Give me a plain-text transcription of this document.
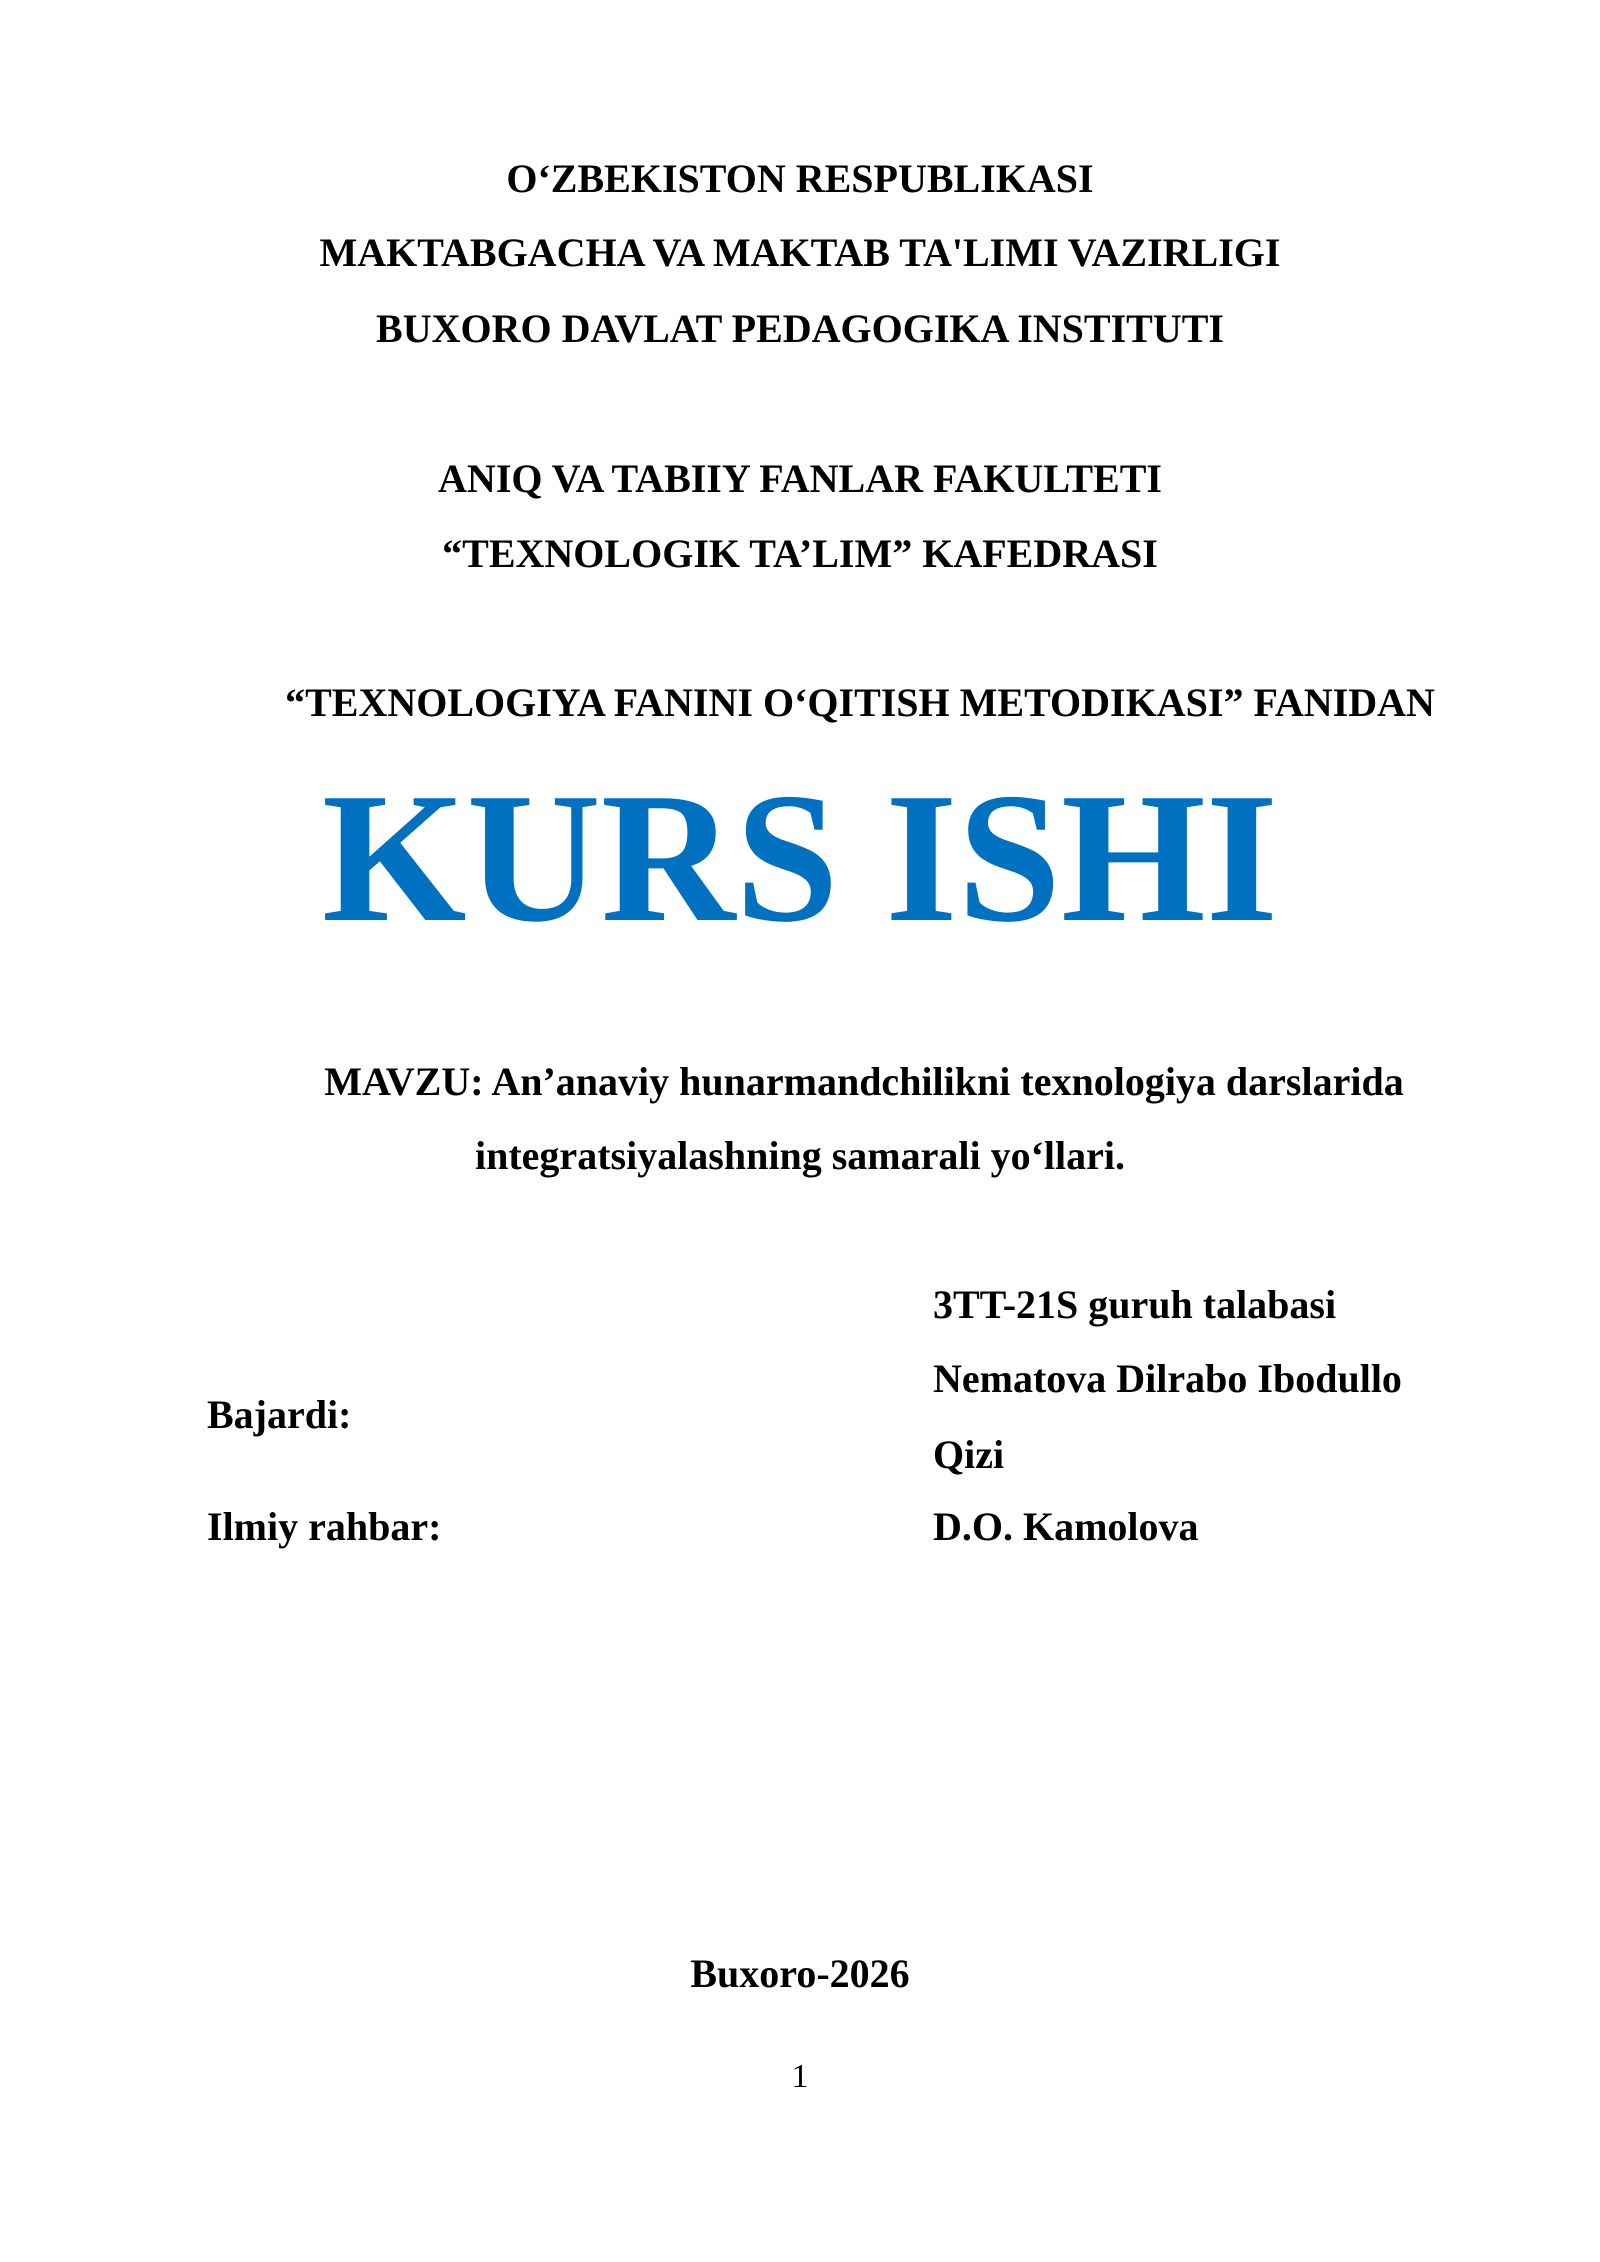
O‘ZBEKISTON RESPUBLIKASI
MAKTABGACHA VA MAKTAB TA'LIMI VAZIRLIGI
BUXORO DAVLAT PEDAGOGIKA INSTITUTI
ANIQ VA TABIIY FANLAR FAKULTETI
“TEXNOLOGIK TA’LIM” KAFEDRASI
“TEXNOLOGIYA FANINI O‘QITISH METODIKASI” FANIDAN
KURS ISHI
MAVZU: An’anaviy hunarmandchilikni texnologiya darslarida
integratsiyalashning samarali yo‘llari.
3TT-21S guruh talabasi
Nematova Dilrabo Ibodullo
Bajardi:
Qizi
Ilmiy rahbar:	D.O. Kamolova
Buxoro-2026
1
